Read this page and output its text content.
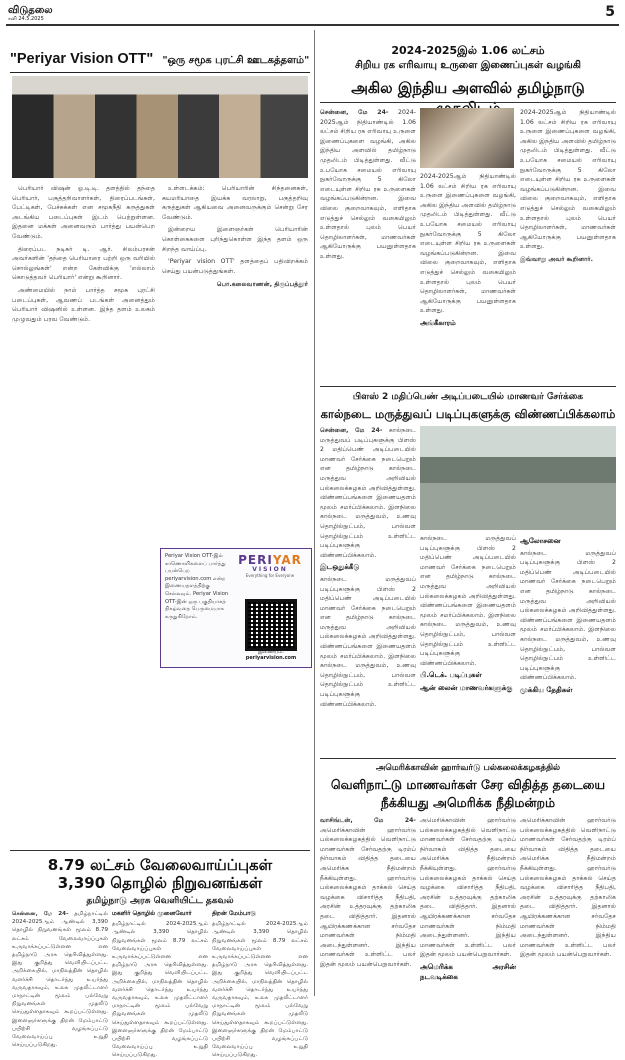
விடுதலை
சனி 24.5.2025	5
"Periyar Vision OTT" "ஒரு சமூக புரட்சி ஊடகத்தளம்"

பெரியார் விஷன் ஓ.டி.டி. தளத்தில் தந்தை பெரியார், பகுத்தறிவாளர்கள், திரைப்படங்கள், பேட்டிகள், பேச்சுக்கள் என சமூகநீதி கருத்துகள் அடங்கிய படைப்புகள் இடம் பெற்றுள்ளன. இதனை மக்கள் அனைவரும் பார்த்து பயன்பெற வேண்டும்.

திரைப்பட நடிகர் டி. ஆர். சிலம்பரசன் அவர்களின் 'தந்தை பெரியாரை பற்றி ஒரு வரியில் சொல்லுங்கள்' என்ற கேள்விக்கு 'எல்லாம் கொடுத்தவர் பெரியார்' என்று கூறினார்.

அண்மையில் நாம் பார்த்த சமூக புரட்சி படைப்புகள், ஆவணப் படங்கள் அனைத்தும் பெரியார் விஷனில் உள்ளன. இந்த தளம் உலகம் முழுவதும் பரவ வேண்டும்.

உள்ளடக்கம்: பெரியாரின் சிந்தனைகள், சுயமரியாதை இயக்க வரலாறு, பகுத்தறிவு கருத்துகள் ஆகியவை அனைவருக்கும் சென்று சேர வேண்டும்.

இன்றைய இளைஞர்கள் பெரியாரின் கொள்கைகளை புரிந்துகொள்ள இந்த தளம் ஒரு சிறந்த வாய்ப்பு.

'Periyar vision OTT' தளத்தைப் பதிவிறக்கம் செய்து பயன்படுத்துங்கள்.

பொ.கலைவாணன், திருப்பத்தூர்
Periyar Vision OTT-இல் காணொளிகளைப் பார்த்து பயன்பெற periyarvision.com என்ற இணையதளத்திற்கு செல்லவும். Periyar Vision OTT-இன் ஒரு பகுதியாகத் திகழ்வதை பெருமையாக கருதுகிறோம்.
PERIYAR
VISION
Everything for Everyone
இணையம்: periyarvision.com
8.79 லட்சம் வேலைவாய்ப்புகள்
3,390 தொழில் நிறுவனங்கள்
தமிழ்நாடு அரசு வெளியிட்ட தகவல்
சென்னை, மே 24- தமிழ்நாட்டில் 2024-2025ஆம் ஆண்டில் 3,390 தொழில் நிறுவனங்கள் மூலம் 8.79 லட்சம் வேலைவாய்ப்புகள் உருவாக்கப்பட்டுள்ளன என தமிழ்நாடு அரசு தெரிவித்துள்ளது. இது குறித்து வெளியிடப்பட்ட அறிக்கையில், மாநிலத்தின் தொழில் வளர்ச்சி தொடர்ந்து உயர்ந்து வருவதாகவும், உலக முதலீட்டாளர் மாநாட்டின் மூலம் பல்வேறு நிறுவனங்கள் முதலீடு செய்துள்ளதாகவும் கூறப்பட்டுள்ளது. இளைஞர்களுக்கு திறன் மேம்பாட்டு பயிற்சி வழங்கப்பட்டு வேலைவாய்ப்பு உறுதி செய்யப்படுகிறது.
மகளிர் தொழில் முனைவோர்
தமிழ்நாட்டில் 2024-2025ஆம் ஆண்டில் 3,390 தொழில் நிறுவனங்கள் மூலம் 8.79 லட்சம் வேலைவாய்ப்புகள் உருவாக்கப்பட்டுள்ளன என தமிழ்நாடு அரசு தெரிவித்துள்ளது. இது குறித்து வெளியிடப்பட்ட அறிக்கையில், மாநிலத்தின் தொழில் வளர்ச்சி தொடர்ந்து உயர்ந்து வருவதாகவும், உலக முதலீட்டாளர் மாநாட்டின் மூலம் பல்வேறு நிறுவனங்கள் முதலீடு செய்துள்ளதாகவும் கூறப்பட்டுள்ளது. இளைஞர்களுக்கு திறன் மேம்பாட்டு பயிற்சி வழங்கப்பட்டு வேலைவாய்ப்பு உறுதி செய்யப்படுகிறது.
திறன் மேம்பாடு
தமிழ்நாட்டில் 2024-2025ஆம் ஆண்டில் 3,390 தொழில் நிறுவனங்கள் மூலம் 8.79 லட்சம் வேலைவாய்ப்புகள் உருவாக்கப்பட்டுள்ளன என தமிழ்நாடு அரசு தெரிவித்துள்ளது. இது குறித்து வெளியிடப்பட்ட அறிக்கையில், மாநிலத்தின் தொழில் வளர்ச்சி தொடர்ந்து உயர்ந்து வருவதாகவும், உலக முதலீட்டாளர் மாநாட்டின் மூலம் பல்வேறு நிறுவனங்கள் முதலீடு செய்துள்ளதாகவும் கூறப்பட்டுள்ளது. இளைஞர்களுக்கு திறன் மேம்பாட்டு பயிற்சி வழங்கப்பட்டு வேலைவாய்ப்பு உறுதி செய்யப்படுகிறது.
2024-2025இல் 1.06 லட்சம்
சிறிய ரக எரிவாயு உருளை இணைப்புகள் வழங்கி
அகில இந்திய அளவில் தமிழ்நாடு
சென்னை, மே 24- 2024-2025ஆம் நிதியாண்டில் 1.06 லட்சம் சிறிய ரக எரிவாயு உருளை இணைப்புகளை வழங்கி, அகில இந்திய அளவில் தமிழ்நாடு முதலிடம் பிடித்துள்ளது. வீட்டு உபயோக சமையல் எரிவாயு நுகர்வோருக்கு 5 கிலோ எடையுள்ள சிறிய ரக உருளைகள் வழங்கப்படுகின்றன. இவை விலை குறைவாகவும், எளிதாக எடுத்துச் செல்லும் வகையிலும் உள்ளதால் புலம் பெயர் தொழிலாளர்கள், மாணவர்கள் ஆகியோருக்கு பயனுள்ளதாக உள்ளது.
2024-2025ஆம் நிதியாண்டில் 1.06 லட்சம் சிறிய ரக எரிவாயு உருளை இணைப்புகளை வழங்கி, அகில இந்திய அளவில் தமிழ்நாடு முதலிடம் பிடித்துள்ளது. வீட்டு உபயோக சமையல் எரிவாயு நுகர்வோருக்கு 5 கிலோ எடையுள்ள சிறிய ரக உருளைகள் வழங்கப்படுகின்றன. இவை விலை குறைவாகவும், எளிதாக எடுத்துச் செல்லும் வகையிலும் உள்ளதால் புலம் பெயர் தொழிலாளர்கள், மாணவர்கள் ஆகியோருக்கு பயனுள்ளதாக உள்ளது.
அங்கீகாரம்
2024-2025ஆம் நிதியாண்டில் 1.06 லட்சம் சிறிய ரக எரிவாயு உருளை இணைப்புகளை வழங்கி, அகில இந்திய அளவில் தமிழ்நாடு முதலிடம் பிடித்துள்ளது. வீட்டு உபயோக சமையல் எரிவாயு நுகர்வோருக்கு 5 கிலோ எடையுள்ள சிறிய ரக உருளைகள் வழங்கப்படுகின்றன. இவை விலை குறைவாகவும், எளிதாக எடுத்துச் செல்லும் வகையிலும் உள்ளதால் புலம் பெயர் தொழிலாளர்கள், மாணவர்கள் ஆகியோருக்கு பயனுள்ளதாக உள்ளது.
இவ்வாறு அவர் கூறினார்.
பிளஸ் 2 மதிப்பெண் அடிப்படையில் மாணவர் சேர்க்கை
கால்நடை மருத்துவப் படிப்புகளுக்கு விண்ணப்பிக்கலாம்
சென்னை, மே 24- கால்நடை மருத்துவப் படிப்புகளுக்கு பிளஸ் 2 மதிப்பெண் அடிப்படையில் மாணவர் சேர்க்கை நடைபெறும் என தமிழ்நாடு கால்நடை மருத்துவ அறிவியல் பல்கலைக்கழகம் அறிவித்துள்ளது. விண்ணப்பங்களை இணையதளம் மூலம் சமர்ப்பிக்கலாம். இளநிலை கால்நடை மருத்துவம், உணவு தொழில்நுட்பம், பால்வள தொழில்நுட்பம் உள்ளிட்ட படிப்புகளுக்கு விண்ணப்பிக்கலாம்.
இடஒதுக்கீடு
கால்நடை மருத்துவப் படிப்புகளுக்கு பிளஸ் 2 மதிப்பெண் அடிப்படையில் மாணவர் சேர்க்கை நடைபெறும் என தமிழ்நாடு கால்நடை மருத்துவ அறிவியல் பல்கலைக்கழகம் அறிவித்துள்ளது. விண்ணப்பங்களை இணையதளம் மூலம் சமர்ப்பிக்கலாம். இளநிலை கால்நடை மருத்துவம், உணவு தொழில்நுட்பம், பால்வள தொழில்நுட்பம் உள்ளிட்ட படிப்புகளுக்கு விண்ணப்பிக்கலாம்.
கால்நடை மருத்துவப் படிப்புகளுக்கு பிளஸ் 2 மதிப்பெண் அடிப்படையில் மாணவர் சேர்க்கை நடைபெறும் என தமிழ்நாடு கால்நடை மருத்துவ அறிவியல் பல்கலைக்கழகம் அறிவித்துள்ளது. விண்ணப்பங்களை இணையதளம் மூலம் சமர்ப்பிக்கலாம். இளநிலை கால்நடை மருத்துவம், உணவு தொழில்நுட்பம், பால்வள தொழில்நுட்பம் உள்ளிட்ட படிப்புகளுக்கு விண்ணப்பிக்கலாம்.
பி.டெக். படிப்புகள்
ஆன் லைன் மாணவர்களுக்கு
ஆலோசனை
கால்நடை மருத்துவப் படிப்புகளுக்கு பிளஸ் 2 மதிப்பெண் அடிப்படையில் மாணவர் சேர்க்கை நடைபெறும் என தமிழ்நாடு கால்நடை மருத்துவ அறிவியல் பல்கலைக்கழகம் அறிவித்துள்ளது. விண்ணப்பங்களை இணையதளம் மூலம் சமர்ப்பிக்கலாம். இளநிலை கால்நடை மருத்துவம், உணவு தொழில்நுட்பம், பால்வள தொழில்நுட்பம் உள்ளிட்ட படிப்புகளுக்கு விண்ணப்பிக்கலாம்.
முக்கிய தேதிகள்
அமெரிக்காவின் ஹார்வர்டு பல்கலைக்கழகத்தில்
வெளிநாட்டு மாணவர்கள் சேர விதித்த தடையை
நீக்கியது அமெரிக்க நீதிமன்றம்
வாசிங்டன், மே 24- அமெரிக்காவின் ஹார்வர்டு பல்கலைக்கழகத்தில் வெளிநாட்டு மாணவர்கள் சேர்வதற்கு டிரம்ப் நிர்வாகம் விதித்த தடையை அமெரிக்க நீதிமன்றம் நீக்கியுள்ளது. ஹார்வர்டு பல்கலைக்கழகம் தாக்கல் செய்த வழக்கை விசாரித்த நீதிபதி, அரசின் உத்தரவுக்கு தற்காலிக தடை விதித்தார். இதனால் ஆயிரக்கணக்கான சர்வதேச மாணவர்கள் நிம்மதி அடைந்துள்ளனர். இந்திய மாணவர்கள் உள்ளிட்ட பலர் இதன் மூலம் பயன்பெறுவார்கள்.
அமெரிக்காவின் ஹார்வர்டு பல்கலைக்கழகத்தில் வெளிநாட்டு மாணவர்கள் சேர்வதற்கு டிரம்ப் நிர்வாகம் விதித்த தடையை அமெரிக்க நீதிமன்றம் நீக்கியுள்ளது. ஹார்வர்டு பல்கலைக்கழகம் தாக்கல் செய்த வழக்கை விசாரித்த நீதிபதி, அரசின் உத்தரவுக்கு தற்காலிக தடை விதித்தார். இதனால் ஆயிரக்கணக்கான சர்வதேச மாணவர்கள் நிம்மதி அடைந்துள்ளனர். இந்திய மாணவர்கள் உள்ளிட்ட பலர் இதன் மூலம் பயன்பெறுவார்கள்.
அமெரிக்க அரசின் நடவடிக்கை
அமெரிக்காவின் ஹார்வர்டு பல்கலைக்கழகத்தில் வெளிநாட்டு மாணவர்கள் சேர்வதற்கு டிரம்ப் நிர்வாகம் விதித்த தடையை அமெரிக்க நீதிமன்றம் நீக்கியுள்ளது. ஹார்வர்டு பல்கலைக்கழகம் தாக்கல் செய்த வழக்கை விசாரித்த நீதிபதி, அரசின் உத்தரவுக்கு தற்காலிக தடை விதித்தார். இதனால் ஆயிரக்கணக்கான சர்வதேச மாணவர்கள் நிம்மதி அடைந்துள்ளனர். இந்திய மாணவர்கள் உள்ளிட்ட பலர் இதன் மூலம் பயன்பெறுவார்கள்.
